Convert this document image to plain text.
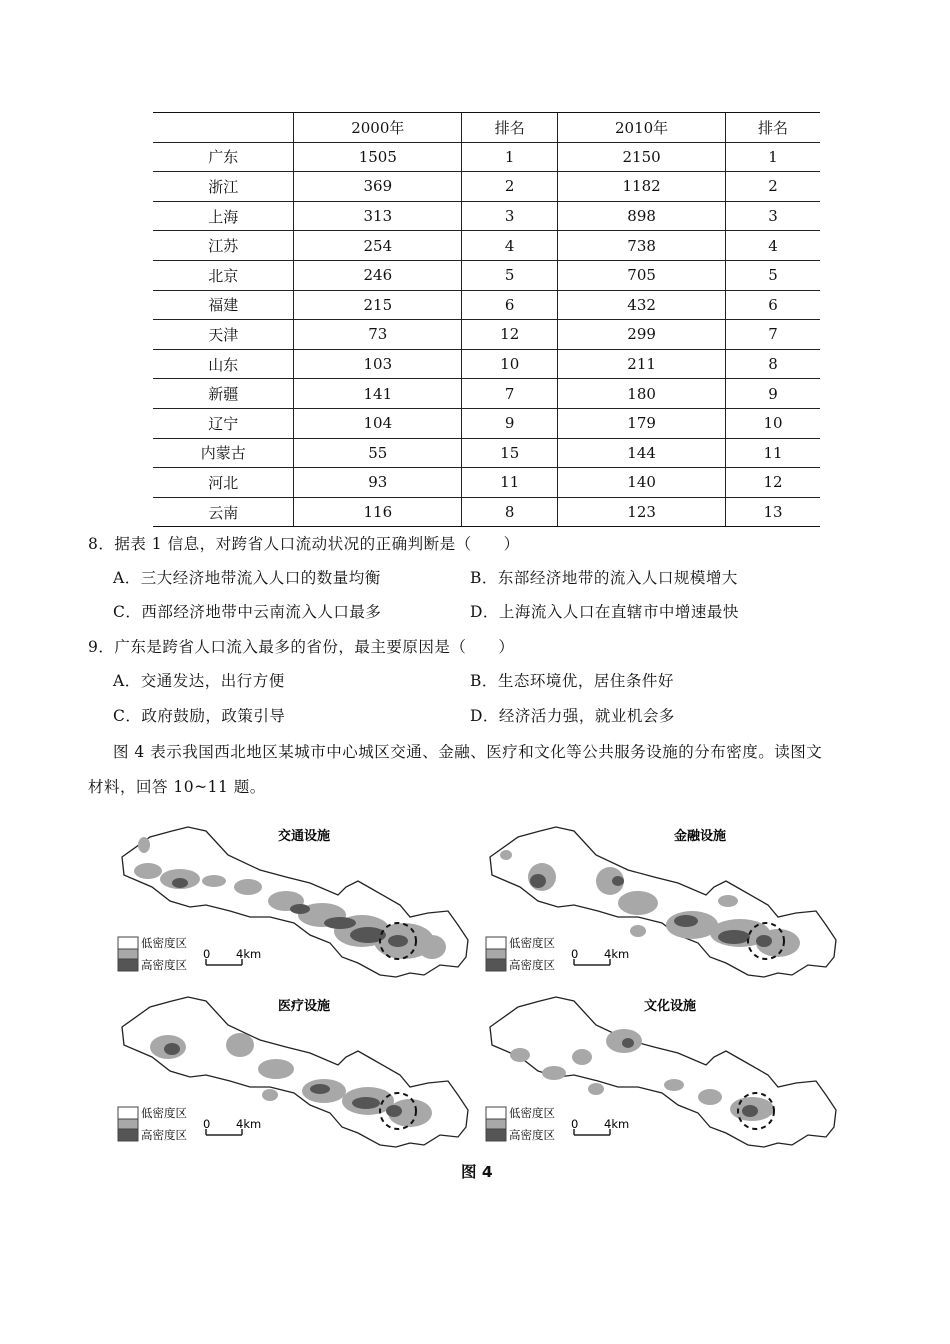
	2000年	排名	2010年	排名
广东	1505	1	2150	1
浙江	369	2	1182	2
上海	313	3	898	3
江苏	254	4	738	4
北京	246	5	705	5
福建	215	6	432	6
天津	73	12	299	7
山东	103	10	211	8
新疆	141	7	180	9
辽宁	104	9	179	10
内蒙古	55	15	144	11
河北	93	11	140	12
云南	116	8	123	13
8．据表 1 信息，对跨省人口流动状况的正确判断是（　　）
A．三大经济地带流入人口的数量均衡	B．东部经济地带的流入人口规模增大
C．西部经济地带中云南流入人口最多	D．上海流入人口在直辖市中增速最快
9．广东是跨省人口流入最多的省份，最主要原因是（　　）
A．交通发达，出行方便	B．生态环境优，居住条件好
C．政府鼓励，政策引导	D．经济活力强，就业机会多
图 4 表示我国西北地区某城市中心城区交通、金融、医疗和文化等公共服务设施的分布密度。读图文
材料，回答 10~11 题。
交通设施
低密度区
高密度区
0 4km
金融设施
低密度区
高密度区
0 4km
医疗设施
低密度区
高密度区
0 4km
文化设施
低密度区
高密度区
0 4km
图 4
